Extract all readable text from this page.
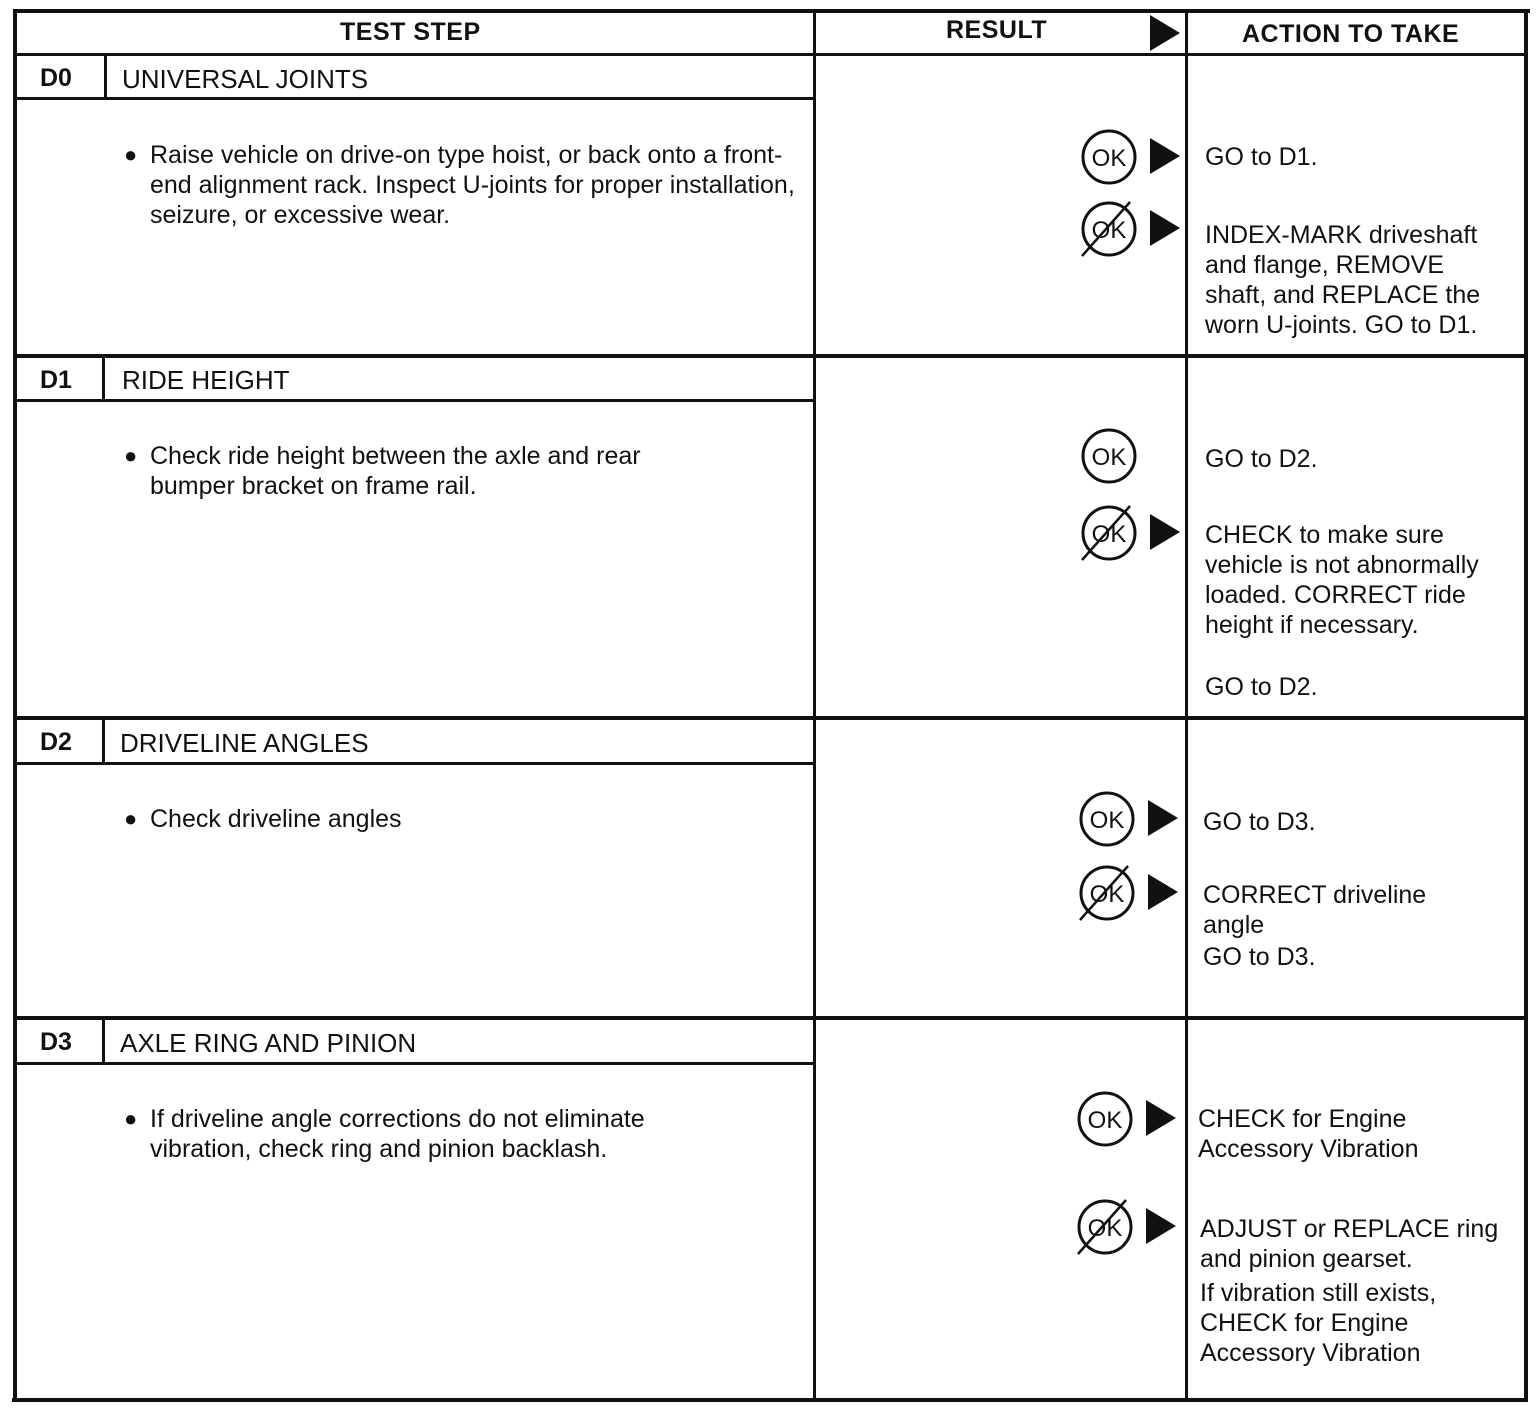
TEST STEP	RESULT	ACTION TO TAKE
D0 UNIVERSAL JOINTS
● Raise vehicle on drive-on type hoist, or back onto a front-end alignment rack. Inspect U-joints for proper installation, seizure, or excessive wear.
OK	GO to D1.
OK	INDEX-MARK driveshaft and flange, REMOVE shaft, and REPLACE the worn U-joints. GO to D1.
D1 RIDE HEIGHT
● Check ride height between the axle and rear bumper bracket on frame rail.
OK	GO to D2.
OK	CHECK to make sure vehicle is not abnormally loaded. CORRECT ride height if necessary.
GO to D2.
D2 DRIVELINE ANGLES
● Check driveline angles	OK	GO to D3.
OK	CORRECT driveline angle
GO to D3.
D3 AXLE RING AND PINION
● If driveline angle corrections do not eliminate vibration, check ring and pinion backlash.
OK	CHECK for Engine Accessory Vibration
OK	ADJUST or REPLACE ring and pinion gearset.
If vibration still exists, CHECK for Engine Accessory Vibration
